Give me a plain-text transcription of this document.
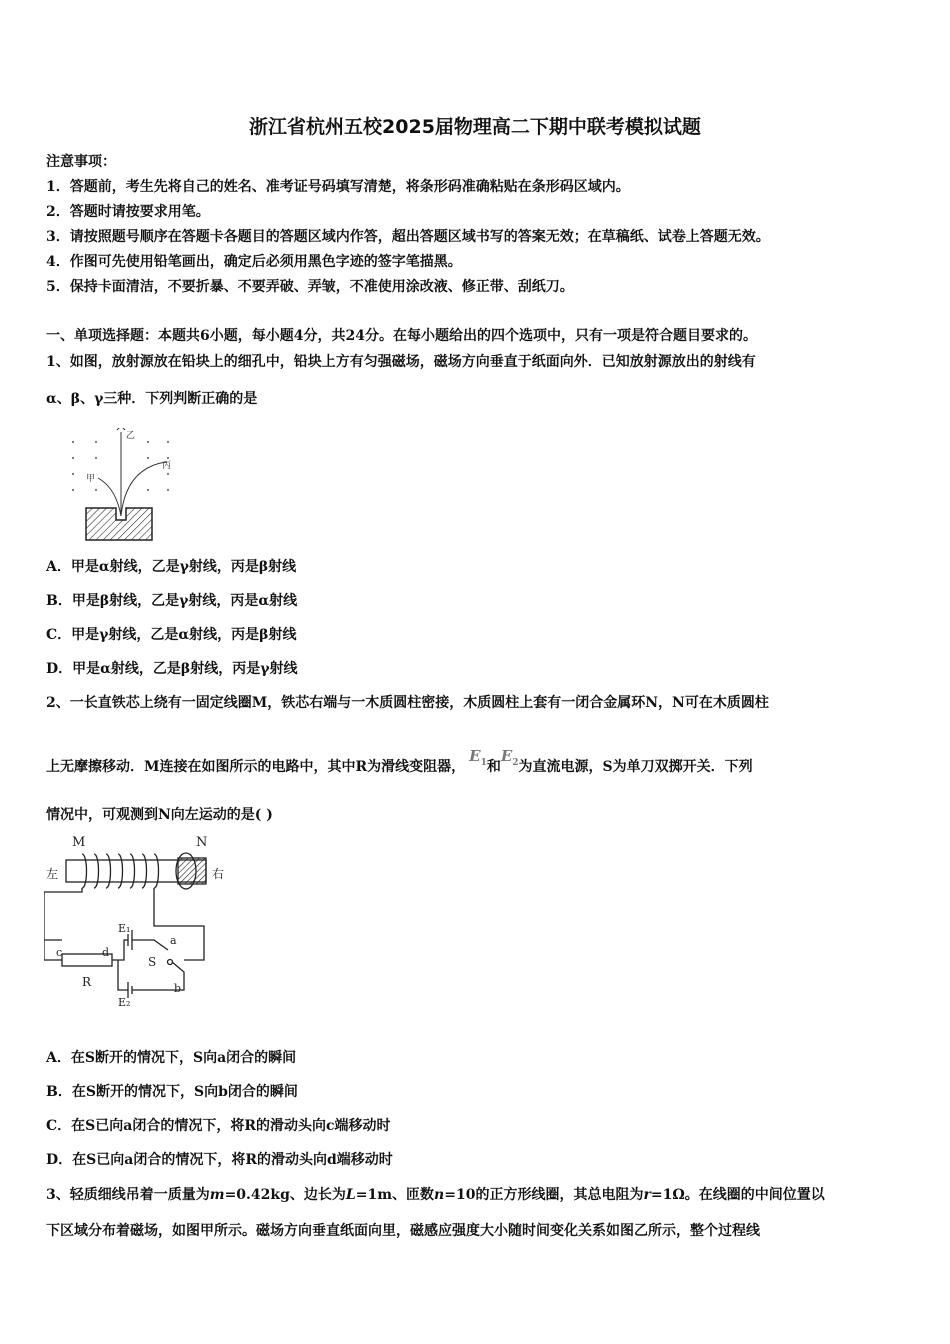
浙江省杭州五校2025届物理高二下期中联考模拟试题
注意事项：
1．答题前，考生先将自己的姓名、准考证号码填写清楚，将条形码准确粘贴在条形码区域内。
2．答题时请按要求用笔。
3．请按照题号顺序在答题卡各题目的答题区域内作答，超出答题区域书写的答案无效；在草稿纸、试卷上答题无效。
4．作图可先使用铅笔画出，确定后必须用黑色字迹的签字笔描黑。
5．保持卡面清洁，不要折暴、不要弄破、弄皱，不准使用涂改液、修正带、刮纸刀。
一、单项选择题：本题共6小题，每小题4分，共24分。在每小题给出的四个选项中，只有一项是符合题目要求的。
1、如图，放射源放在铅块上的细孔中，铅块上方有匀强磁场，磁场方向垂直于纸面向外．已知放射源放出的射线有
α、β、γ三种．下列判断正确的是
乙
丙
甲
A．甲是α射线，乙是γ射线，丙是β射线
B．甲是β射线，乙是γ射线，丙是α射线
C．甲是γ射线，乙是α射线，丙是β射线
D．甲是α射线，乙是β射线，丙是γ射线
2、一长直铁芯上绕有一固定线圈M，铁芯右端与一木质圆柱密接，木质圆柱上套有一闭合金属环N，N可在木质圆柱
上无摩擦移动．M连接在如图所示的电路中，其中R为滑线变阻器，$E_1$和$E_2$为直流电源，S为单刀双掷开关．下列
情况中，可观测到N向左运动的是( )
M	N
左	右
E₁
a
S
c	d
R	b
E₂
A．在S断开的情况下，S向a闭合的瞬间
B．在S断开的情况下，S向b闭合的瞬间
C．在S已向a闭合的情况下，将R的滑动头向c端移动时
D．在S已向a闭合的情况下，将R的滑动头向d端移动时
3、轻质细线吊着一质量为m=0.42kg、边长为L=1m、匝数n=10的正方形线圈，其总电阻为r=1Ω。在线圈的中间位置以
下区域分布着磁场，如图甲所示。磁场方向垂直纸面向里，磁感应强度大小随时间变化关系如图乙所示，整个过程线
